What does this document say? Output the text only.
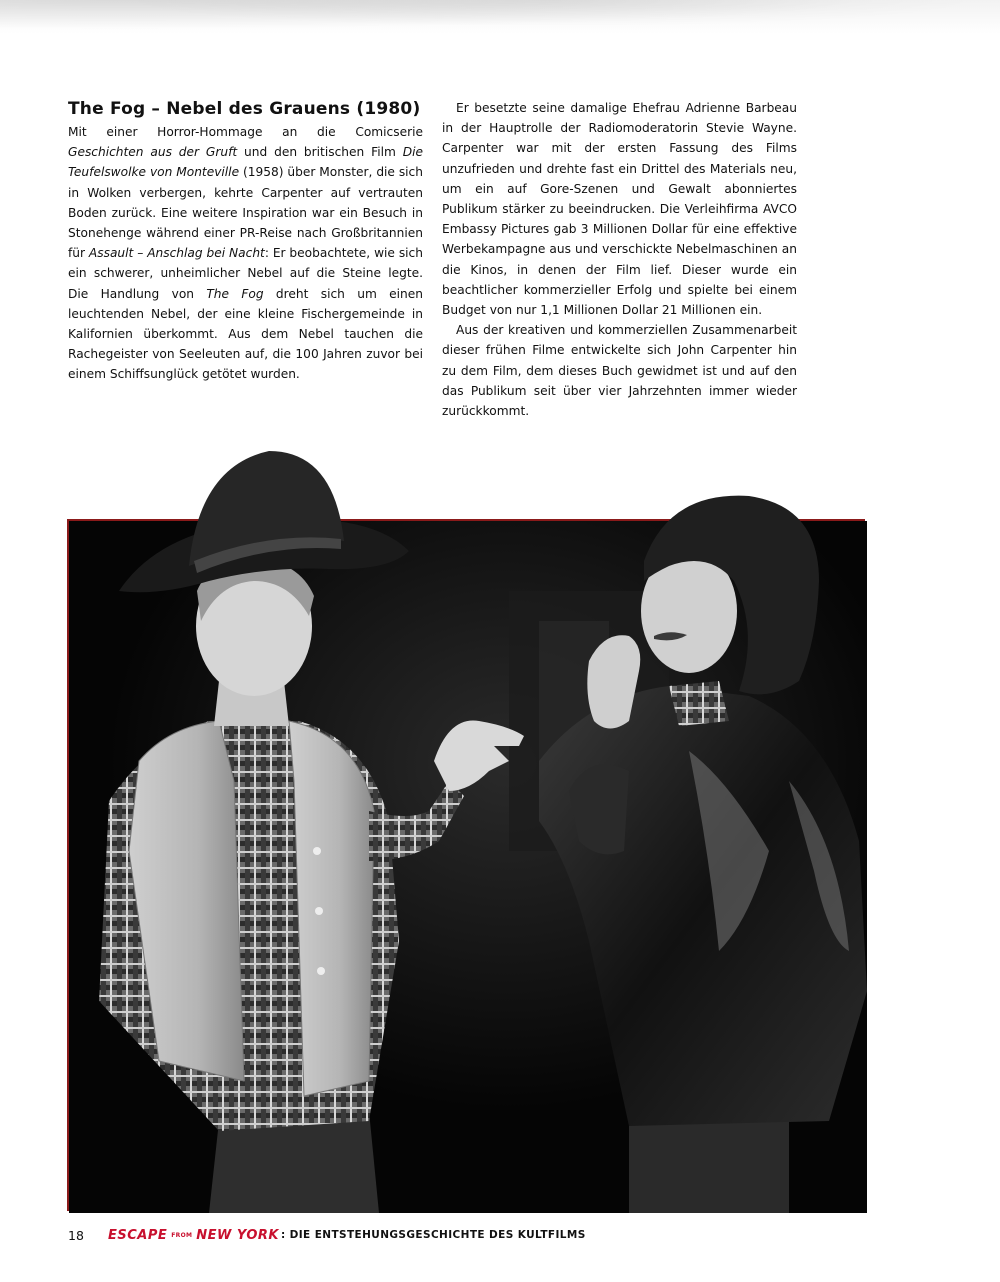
The Fog – Nebel des Grauens (1980)

Mit einer Horror-Hommage an die Comicserie Geschichten aus der Gruft und den britischen Film Die Teufelswolke von Monteville (1958) über Monster, die sich in Wolken verbergen, kehrte Carpenter auf vertrauten Boden zurück. Eine weitere Inspiration war ein Besuch in Stonehenge während einer PR-Reise nach Großbritannien für Assault – Anschlag bei Nacht: Er beobachtete, wie sich ein schwerer, unheimlicher Nebel auf die Steine legte. Die Handlung von The Fog dreht sich um einen leuchtenden Nebel, der eine kleine Fischergemeinde in Kalifornien überkommt. Aus dem Nebel tauchen die Rachegeister von Seeleuten auf, die 100 Jahren zuvor bei einem Schiffsunglück getötet wurden.

Er besetzte seine damalige Ehefrau Adrienne Barbeau in der Hauptrolle der Radiomoderatorin Stevie Wayne. Carpenter war mit der ersten Fassung des Films unzufrieden und drehte fast ein Drittel des Materials neu, um ein auf Gore-Szenen und Gewalt abonniertes Publikum stärker zu beeindrucken. Die Verleihfirma AVCO Embassy Pictures gab 3 Millionen Dollar für eine effektive Werbekampagne aus und verschickte Nebelmaschinen an die Kinos, in denen der Film lief. Dieser wurde ein beachtlicher kommerzieller Erfolg und spielte bei einem Budget von nur 1,1 Millionen Dollar 21 Millionen ein.

Aus der kreativen und kommerziellen Zusammenarbeit dieser frühen Filme entwickelte sich John Carpenter hin zu dem Film, dem dieses Buch gewidmet ist und auf den das Publikum seit über vier Jahrzehnten immer wieder zurückkommt.

18	ESCAPE FROM NEW YORK : DIE ENTSTEHUNGSGESCHICHTE DES KULTFILMS
